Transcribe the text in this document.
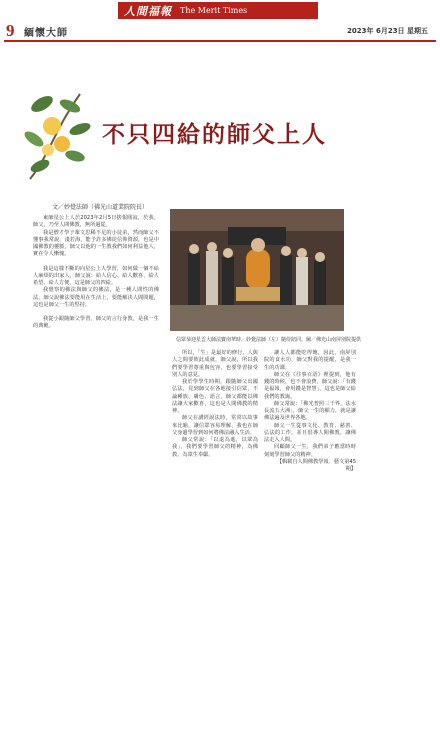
人間福報 The Merit Times
9 緬懷大師	2023年 6月23日 星期五
不只四給的師父上人
信眾恭迎星雲大師法寶南華時，妙覺法師（左）隨侍陪同。圖／佛光山南屏別院提供
文／妙覺法師（佛光山道業院院長）

東師星公上人於2023年2月5日捨報圓寂，於我、師父，乃至人間佛教，無所過從。

我是僧才學子輩文思稀不足的小徒弟，然而師父不懂事我常說，淺若海，能予許多佛徒信仰資源，也是中國佛教的靈脈，師父以他的一生教我們如何利益他人，實在令人慚愧。

我是這樣不斷的向星公上人學習，如何做一個不給人麻煩的出家人，師父說：給人信心、給人歡喜、給人希望、給人方便，這是師父的四給。

我覺察的佛法與師父的佛法，是一種人間性的佛法，師父說佛法要能用在生活上，要能解決人間問題，這也是師父一生的堅持。

我從小跟隨師父學習，師父的言行身教，是我一生的典範。

所以，「生」是最好的修行，人與人之間要彼此成就，師父說，所以我們要學習尊重與包容，也要學習接受別人的意見。

我於學學生時期，跟隨師父出國弘法，見到師父在各地接引信眾，不論種族、膚色、語言，師父都能以佛法讓大家歡喜，這也是人間佛教的精神。

師父在講經說法時，常常以故事來比喻，讓信眾容易理解，我也在師父身邊學習到如何將佛法融入生活。

師父常說：「以退為進，以眾為我」，我們要學習師父的精神，為佛教、為眾生奉獻。

讓人人都能吃得飽，因此，南屏別院的食水功，師父對我的提醒，是我一生的功課。

師父在《往事百語》裡提到，他有錢的時候，也不會浪費，師父說：「有錢是福報，會用錢是智慧」，這也是師父給我們的教誨。

師父常說：「佛光普照三千界，法水長流五大洲」，師父一生的願力，就是讓佛法遍及世界各地。

師父一生從事文化、教育、慈善、弘法的工作，並且倡導人間佛教，讓佛法走入人間。

回顧師父一生，我們弟子應當時時刻刻學習師父的精神。

【輯載自人間佛教學報．藝文第45期】
